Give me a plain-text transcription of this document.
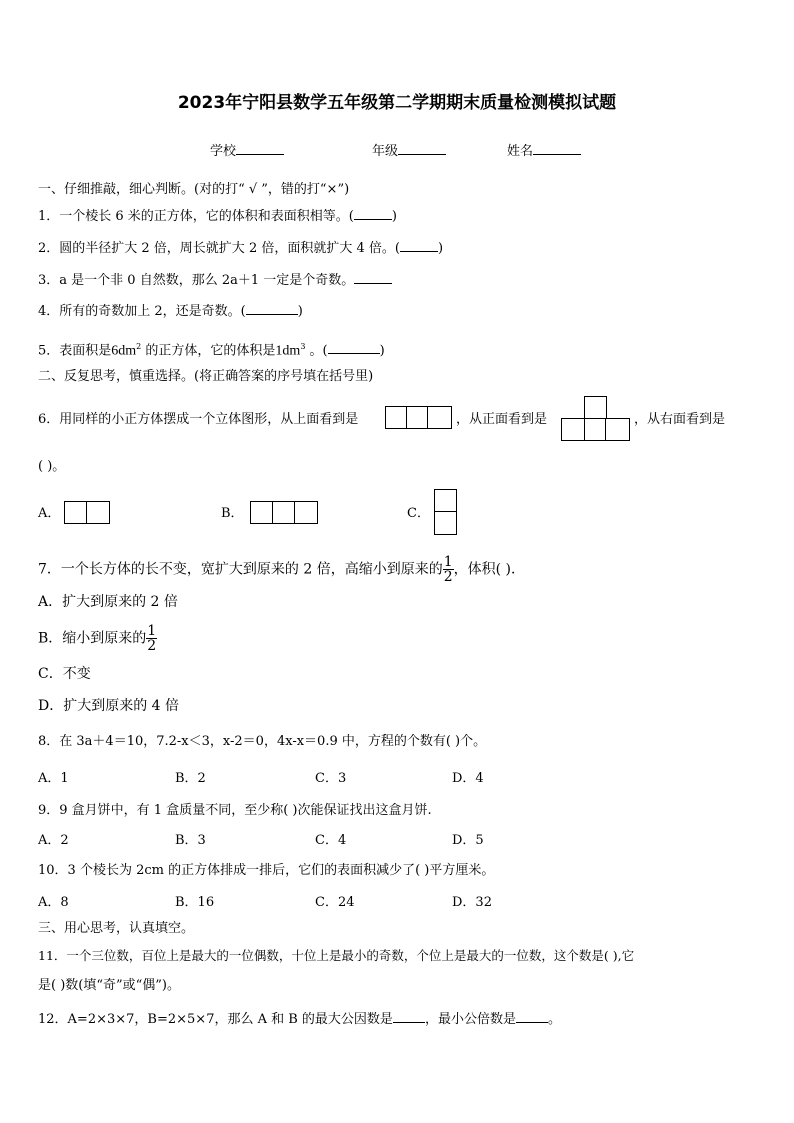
2023年宁阳县数学五年级第二学期期末质量检测模拟试题
学校	年级	姓名
一、仔细推敲，细心判断。(对的打“ √ ”，错的打“×”)
1．一个棱长 6 米的正方体，它的体积和表面积相等。(	)
2．圆的半径扩大 2 倍，周长就扩大 2 倍，面积就扩大 4 倍。(	)
3．a 是一个非 0 自然数，那么 2a＋1 一定是个奇数。
4．所有的奇数加上 2，还是奇数。(	)
5．表面积是$6dm^2$ 的正方体，它的体积是$1dm^3$ 。(	)
二、反复思考，慎重选择。(将正确答案的序号填在括号里)
6．用同样的小正方体摆成一个立体图形，从上面看到是	，从正面看到是	，从右面看到是
( )。
A．	B．	C．
7．一个长方体的长不变，宽扩大到原来的 2 倍，高缩小到原来的 $\frac{1}{2}$ ，体积( )．
A．扩大到原来的 2 倍
B．缩小到原来的 $\frac{1}{2}$
C．不变
D．扩大到原来的 4 倍
8．在 3a＋4＝10，7.2-x＜3，x-2＝0，4x-x＝0.9 中，方程的个数有( )个。
A．1	B．2	C．3	D．4
9．9 盒月饼中，有 1 盒质量不同，至少称( )次能保证找出这盒月饼.
A．2	B．3	C．4	D．5
10．3 个棱长为 2cm 的正方体排成一排后，它们的表面积减少了( )平方厘米。
A．8	B．16	C．24	D．32
三、用心思考，认真填空。
11．一个三位数，百位上是最大的一位偶数，十位上是最小的奇数，个位上是最大的一位数，这个数是( ),它
是( )数(填“奇”或“偶”)。
12．A=2×3×7，B=2×5×7，那么 A 和 B 的最大公因数是 ，最小公倍数是 。
